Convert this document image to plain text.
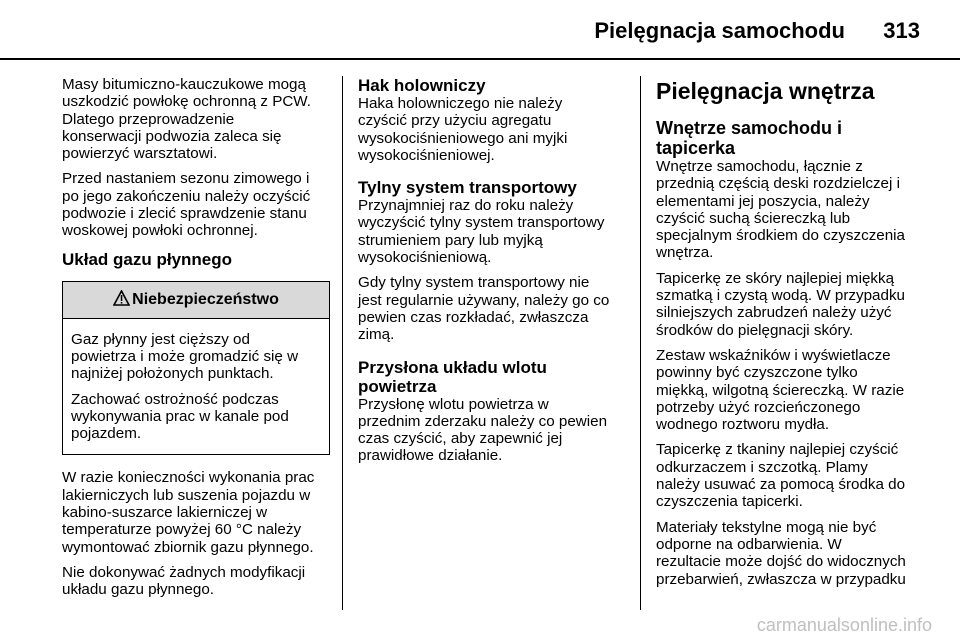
Pielęgnacja samochodu 313

Masy bitumiczno-kauczukowe mogą
uszkodzić powłokę ochronną z PCW.
Dlatego przeprowadzenie
konserwacji podwozia zaleca się
powierzyć warsztatowi.

Przed nastaniem sezonu zimowego i
po jego zakończeniu należy oczyścić
podwozie i zlecić sprawdzenie stanu
woskowej powłoki ochronnej.

Układ gazu płynnego
Niebezpieczeństwo

Gaz płynny jest cięższy od
powietrza i może gromadzić się w
najniżej położonych punktach.

Zachować ostrożność podczas
wykonywania prac w kanale pod
pojazdem.

W razie konieczności wykonania prac
lakierniczych lub suszenia pojazdu w
kabino-suszarce lakierniczej w
temperaturze powyżej 60 °C należy
wymontować zbiornik gazu płynnego.

Nie dokonywać żadnych modyfikacji
układu gazu płynnego.

Hak holowniczy

Haka holowniczego nie należy
czyścić przy użyciu agregatu
wysokociśnieniowego ani myjki
wysokociśnieniowej.

Tylny system transportowy

Przynajmniej raz do roku należy
wyczyścić tylny system transportowy
strumieniem pary lub myjką
wysokociśnieniową.

Gdy tylny system transportowy nie
jest regularnie używany, należy go co
pewien czas rozkładać, zwłaszcza
zimą.

Przysłona układu wlotu
powietrza

Przysłonę wlotu powietrza w
przednim zderzaku należy co pewien
czas czyścić, aby zapewnić jej
prawidłowe działanie.

Pielęgnacja wnętrza
Wnętrze samochodu i tapicerka

Wnętrze samochodu, łącznie z
przednią częścią deski rozdzielczej i
elementami jej poszycia, należy
czyścić suchą ściereczką lub
specjalnym środkiem do czyszczenia
wnętrza.

Tapicerkę ze skóry najlepiej miękką
szmatką i czystą wodą. W przypadku
silniejszych zabrudzeń należy użyć
środków do pielęgnacji skóry.

Zestaw wskaźników i wyświetlacze
powinny być czyszczone tylko
miękką, wilgotną ściereczką. W razie
potrzeby użyć rozcieńczonego
wodnego roztworu mydła.

Tapicerkę z tkaniny najlepiej czyścić
odkurzaczem i szczotką. Plamy
należy usuwać za pomocą środka do
czyszczenia tapicerki.

Materiały tekstylne mogą nie być
odporne na odbarwienia. W
rezultacie może dojść do widocznych
przebarwień, zwłaszcza w przypadku

carmanualsonline.info
